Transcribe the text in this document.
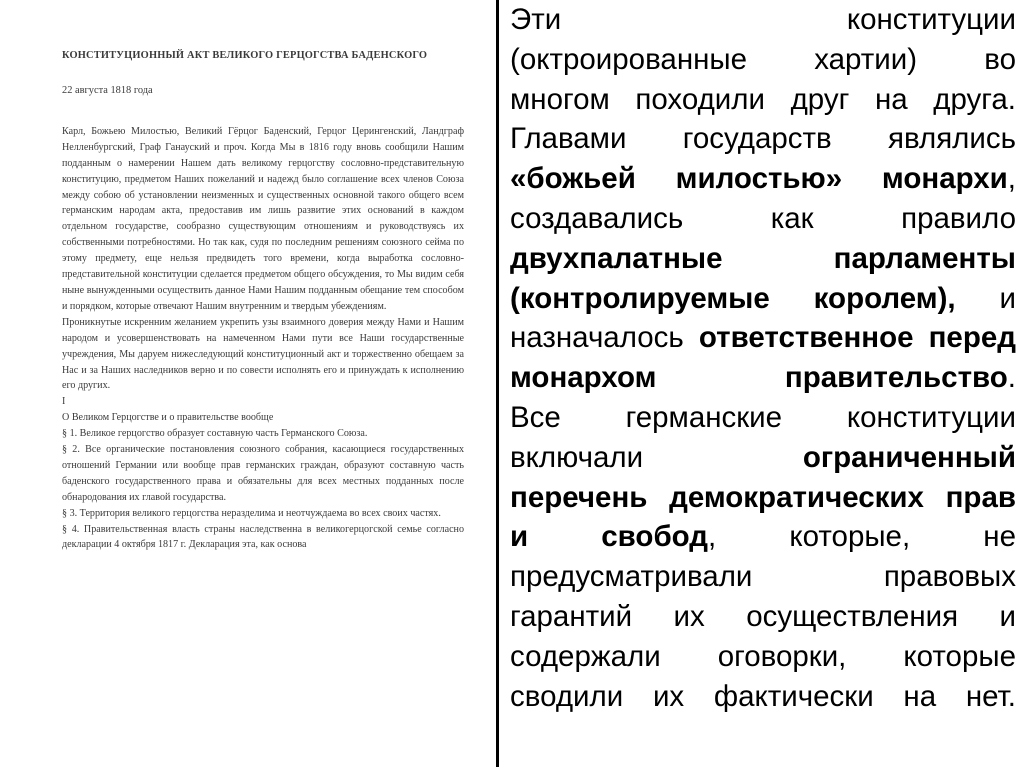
КОНСТИТУЦИОННЫЙ АКТ ВЕЛИКОГО ГЕРЦОГСТВА БАДЕНСКОГО
22 августа 1818 года

Карл, Божьею Милостью, Великий Гёрцог Баденский, Герцог Церингенский, Ландграф Нелленбургский, Граф Ганауский и проч. Когда Мы в 1816 году вновь сообщили Нашим подданным о намерении Нашем дать великому герцогству сословно-представительную конституцию, предметом Наших пожеланий и надежд было соглашение всех членов Союза между собою об установлении неизменных и существенных основной такого общего всем германским народам акта, предоставив им лишь развитие этих оснований в каждом отдельном государстве, сообразно существующим отношениям и руководствуясь их собственными потребностями. Но так как, судя по последним решениям союзного сейма по этому предмету, еще нельзя предвидеть того времени, когда выработка сословно-представительной конституции сделается предметом общего обсуждения, то Мы видим себя ныне вынужденными осуществить данное Нами Нашим подданным обещание тем способом и порядком, которые отвечают Нашим внутренним и твердым убеждениям.

Проникнутые искренним желанием укрепить узы взаимного доверия между Нами и Нашим народом и усовершенствовать на намеченном Нами пути все Наши государственные учреждения, Мы даруем нижеследующий конституционный акт и торжественно обещаем за Нас и за Наших наследников верно и по совести исполнять его и принуждать к исполнению его других.

I

О Великом Герцогстве и о правительстве вообще

§ 1. Великое герцогство образует составную часть Германского Союза.

§ 2. Все органические постановления союзного собрания, касающиеся государственных отношений Германии или вообще прав германских граждан, образуют составную часть баденского государственного права и обязательны для всех местных подданных после обнародования их главой государства.

§ 3. Территория великого герцогства неразделима и неотчуждаема во всех своих частях.

§ 4. Правительственная власть страны наследственна в великогерцогской семье согласно декларации 4 октября 1817 г. Декларация эта, как основа

Эти	конституции
(октроированные хартии) во
многом походили друг на друга.
Главами государств являлись
«божьей милостью» монархи,
создавались	как	правило
двухпалатные	парламенты
(контролируемые королем), и
назначалось ответственное перед
монархом	правительство.
Все германские конституции
включали	ограниченный
перечень демократических прав
и свобод, которые, не
предусматривали	правовых
гарантий их осуществления и
содержали оговорки, которые
сводили их фактически на нет.
